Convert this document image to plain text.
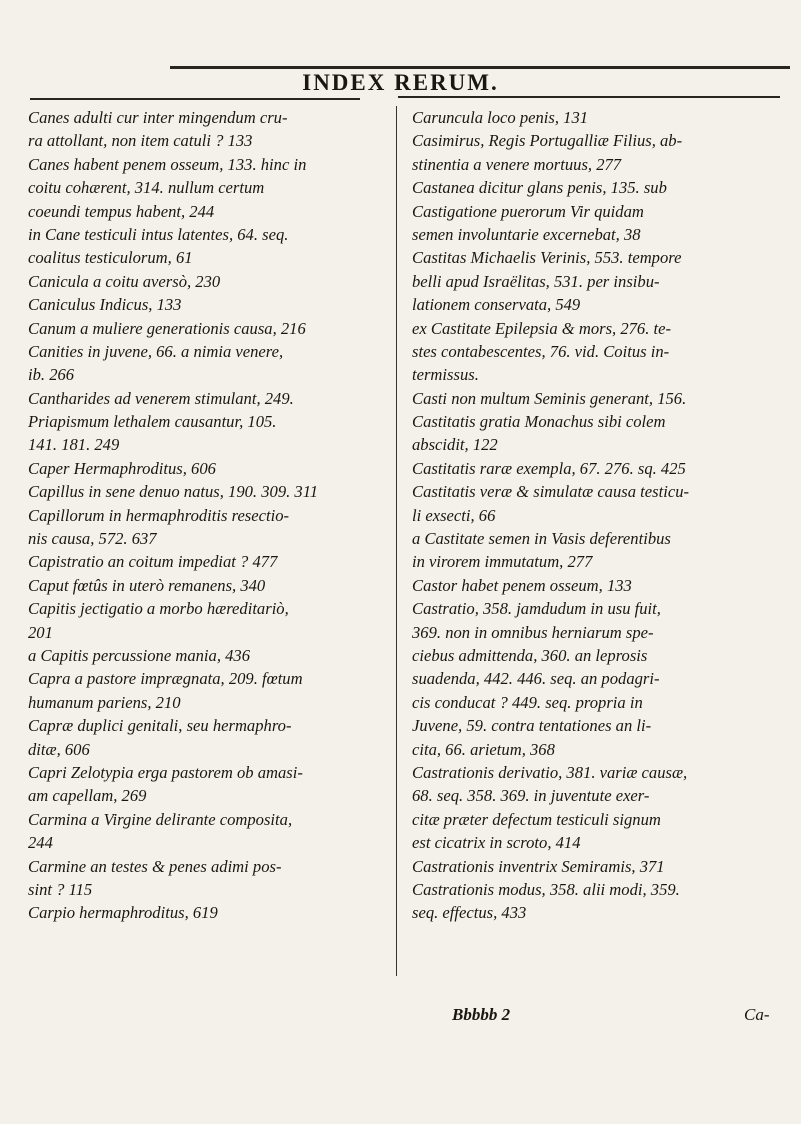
INDEX RERUM.
Canes adulti cur inter mingendum cru-
ra attollant, non item catuli ? 133
Canes habent penem osseum, 133. hinc in
coitu cohærent, 314. nullum certum
coeundi tempus habent, 244
in Cane testiculi intus latentes, 64. seq.
coalitus testiculorum, 61
Canicula a coitu aversò, 230
Caniculus Indicus, 133
Canum a muliere generationis causa, 216
Canities in juvene, 66. a nimia venere,
ib. 266
Cantharides ad venerem stimulant, 249.
Priapismum lethalem causantur, 105.
141. 181. 249
Caper Hermaphroditus, 606
Capillus in sene denuo natus, 190. 309. 311
Capillorum in hermaphroditis resectio-
nis causa, 572. 637
Capistratio an coitum impediat ? 477
Caput fœtûs in uterò remanens, 340
Capitis jectigatio a morbo hæreditariò,
201
a Capitis percussione mania, 436
Capra a pastore imprægnata, 209. fœtum
humanum pariens, 210
Capræ duplici genitali, seu hermaphro-
ditæ, 606
Capri Zelotypia erga pastorem ob amasi-
am capellam, 269
Carmina a Virgine delirante composita,
244
Carmine an testes & penes adimi pos-
sint ? 115
Carpio hermaphroditus, 619
Caruncula loco penis, 131
Casimirus, Regis Portugalliæ Filius, ab-
stinentia a venere mortuus, 277
Castanea dicitur glans penis, 135. sub
Castigatione puerorum Vir quidam
semen involuntarie excernebat, 38
Castitas Michaelis Verinis, 553. tempore
belli apud Israëlitas, 531. per insibu-
lationem conservata, 549
ex Castitate Epilepsia & mors, 276. te-
stes contabescentes, 76. vid. Coitus in-
termissus.
Casti non multum Seminis generant, 156.
Castitatis gratia Monachus sibi colem
abscidit, 122
Castitatis raræ exempla, 67. 276. sq. 425
Castitatis veræ & simulatæ causa testicu-
li exsecti, 66
a Castitate semen in Vasis deferentibus
in virorem immutatum, 277
Castor habet penem osseum, 133
Castratio, 358. jamdudum in usu fuit,
369. non in omnibus herniarum spe-
ciebus admittenda, 360. an leprosis
suadenda, 442. 446. seq. an podagri-
cis conducat ? 449. seq. propria in
Juvene, 59. contra tentationes an li-
cita, 66. arietum, 368
Castrationis derivatio, 381. variæ causæ,
68. seq. 358. 369. in juventute exer-
citæ præter defectum testiculi signum
est cicatrix in scroto, 414
Castrationis inventrix Semiramis, 371
Castrationis modus, 358. alii modi, 359.
seq. effectus, 433
Bbbbb 2	Ca-
